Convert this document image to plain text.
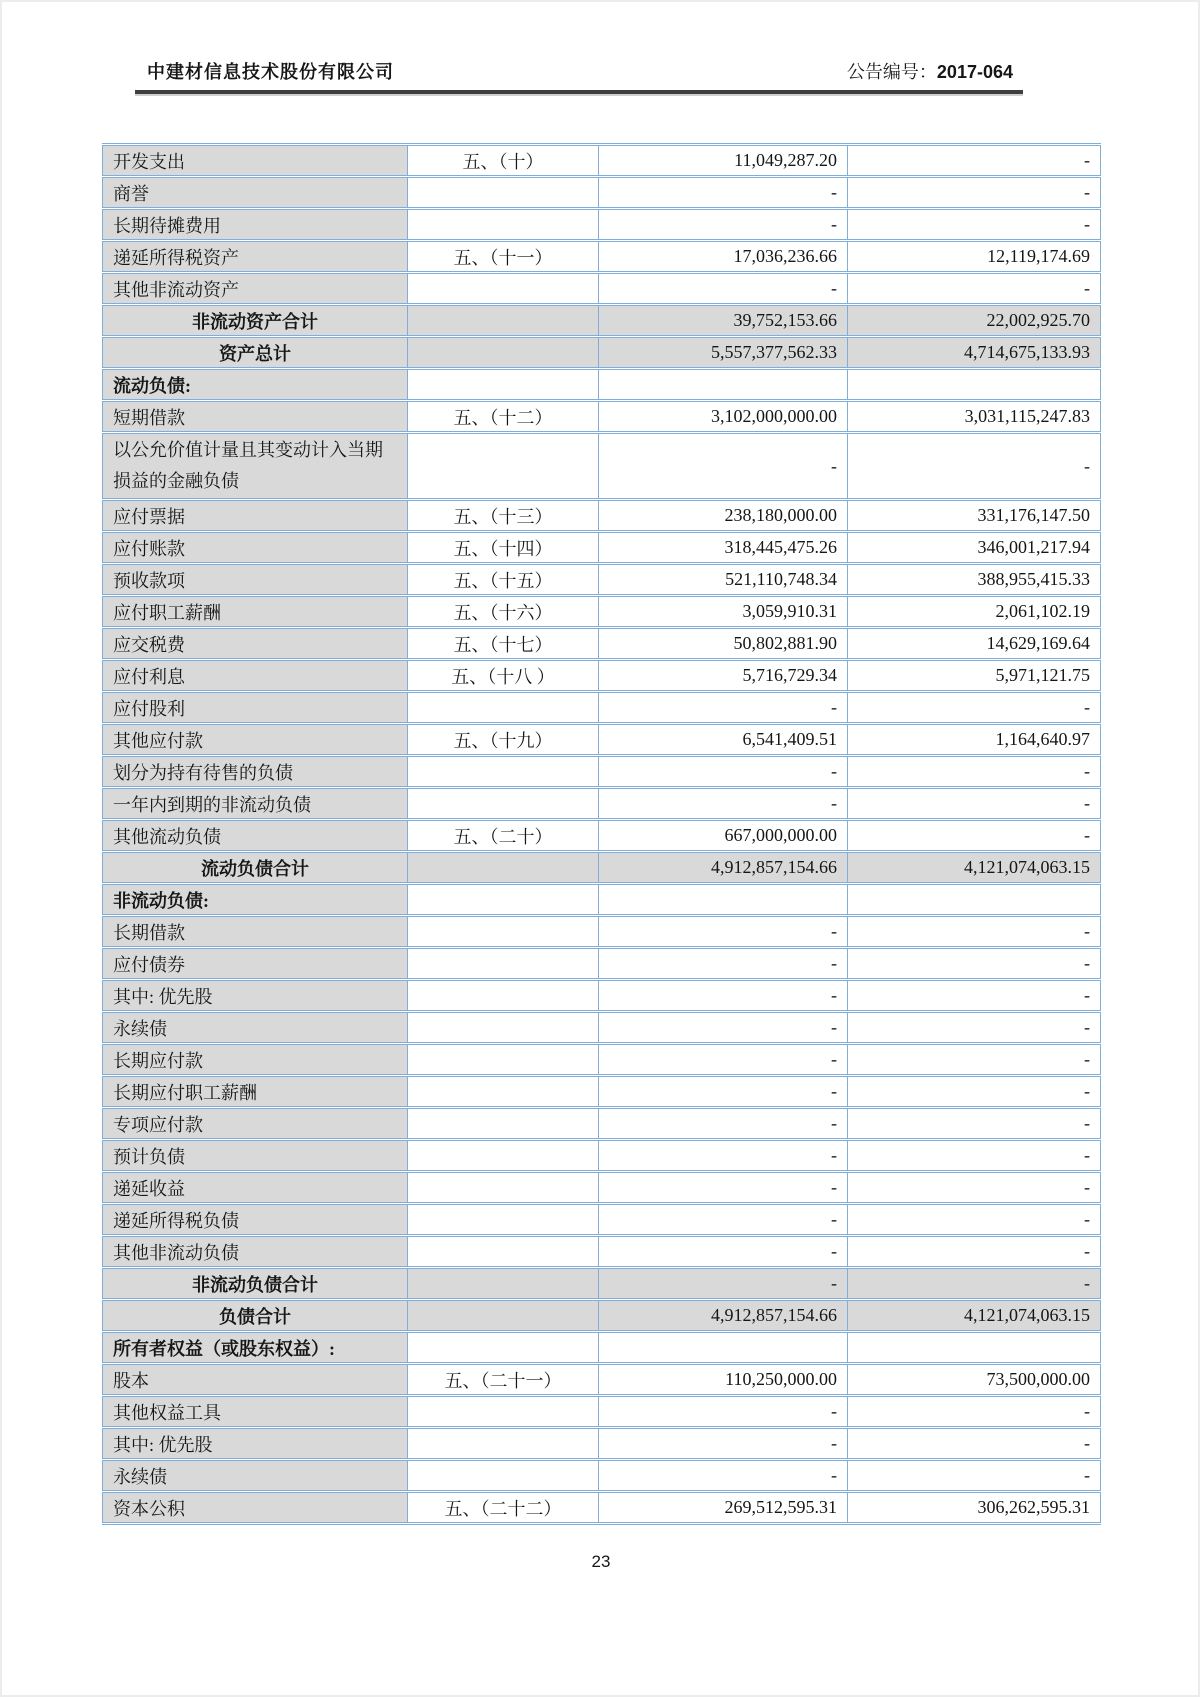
中建材信息技术股份有限公司	公告编号：2017-064
开发支出	五、（十）	11,049,287.20	-
商誉		-	-
长期待摊费用		-	-
递延所得税资产	五、（十一）	17,036,236.66	12,119,174.69
其他非流动资产		-	-
非流动资产合计		39,752,153.66	22,002,925.70
资产总计		5,557,377,562.33	4,714,675,133.93
流动负债:			
短期借款	五、（十二）	3,102,000,000.00	3,031,115,247.83
以公允价值计量且其变动计入当期损益的金融负债		-	-
应付票据	五、（十三）	238,180,000.00	331,176,147.50
应付账款	五、（十四）	318,445,475.26	346,001,217.94
预收款项	五、（十五）	521,110,748.34	388,955,415.33
应付职工薪酬	五、（十六）	3,059,910.31	2,061,102.19
应交税费	五、（十七）	50,802,881.90	14,629,169.64
应付利息	五、（十八 ）	5,716,729.34	5,971,121.75
应付股利		-	-
其他应付款	五、（十九）	6,541,409.51	1,164,640.97
划分为持有待售的负债		-	-
一年内到期的非流动负债		-	-
其他流动负债	五、（二十）	667,000,000.00	-
流动负债合计		4,912,857,154.66	4,121,074,063.15
非流动负债:			
长期借款		-	-
应付债券		-	-
其中: 优先股		-	-
永续债		-	-
长期应付款		-	-
长期应付职工薪酬		-	-
专项应付款		-	-
预计负债		-	-
递延收益		-	-
递延所得税负债		-	-
其他非流动负债		-	-
非流动负债合计		-	-
负债合计		4,912,857,154.66	4,121,074,063.15
所有者权益（或股东权益）:			
股本	五、（二十一）	110,250,000.00	73,500,000.00
其他权益工具		-	-
其中: 优先股		-	-
永续债		-	-
资本公积	五、（二十二）	269,512,595.31	306,262,595.31
23
